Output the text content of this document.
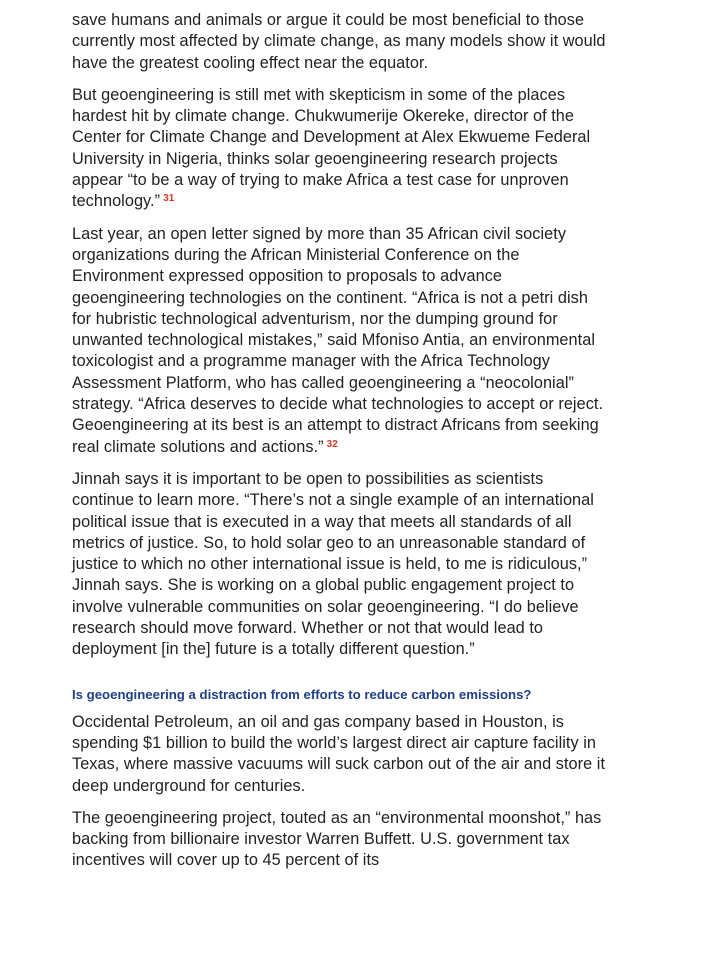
save humans and animals or argue it could be most beneficial to those currently most affected by climate change, as many models show it would have the greatest cooling effect near the equator.

But geoengineering is still met with skepticism in some of the places hardest hit by climate change. Chukwumerije Okereke, director of the Center for Climate Change and Development at Alex Ekwueme Federal University in Nigeria, thinks solar geoengineering research projects appear “to be a way of trying to make Africa a test case for unproven technology.” $^{31}$

Last year, an open letter signed by more than 35 African civil society organizations during the African Ministerial Conference on the Environment expressed opposition to proposals to advance geoengineering technologies on the continent. “Africa is not a petri dish for hubristic technological adventurism, nor the dumping ground for unwanted technological mistakes,” said Mfoniso Antia, an environmental toxicologist and a programme manager with the Africa Technology Assessment Platform, who has called geoengineering a “neocolonial” strategy. “Africa deserves to decide what technologies to accept or reject. Geoengineering at its best is an attempt to distract Africans from seeking real climate solutions and actions.” $^{32}$

Jinnah says it is important to be open to possibilities as scientists continue to learn more. “There’s not a single example of an international political issue that is executed in a way that meets all standards of all metrics of justice. So, to hold solar geo to an unreasonable standard of justice to which no other international issue is held, to me is ridiculous,” Jinnah says. She is working on a global public engagement project to involve vulnerable communities on solar geoengineering. “I do believe research should move forward. Whether or not that would lead to deployment [in the] future is a totally different question.”

Is geoengineering a distraction from efforts to reduce carbon emissions?

Occidental Petroleum, an oil and gas company based in Houston, is spending $1 billion to build the world’s largest direct air capture facility in Texas, where massive vacuums will suck carbon out of the air and store it deep underground for centuries.

The geoengineering project, touted as an “environmental moonshot,” has backing from billionaire investor Warren Buffett. U.S. government tax incentives will cover up to 45 percent of its
